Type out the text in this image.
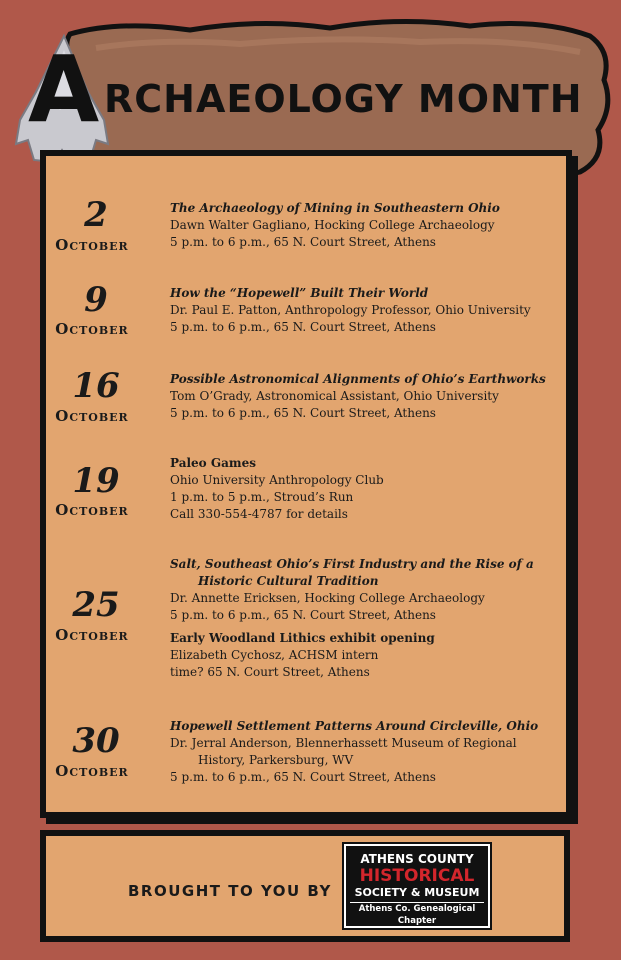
A RCHAEOLOGY MONTH
2
October
The Archaeology of Mining in Southeastern Ohio
Dawn Walter Gagliano, Hocking College Archaeology
5 p.m. to 6 p.m., 65 N. Court Street, Athens
9
October
How the “Hopewell” Built Their World
Dr. Paul E. Patton, Anthropology Professor, Ohio University
5 p.m. to 6 p.m., 65 N. Court Street, Athens
16
October
Possible Astronomical Alignments of Ohio’s Earthworks
Tom O’Grady, Astronomical Assistant, Ohio University
5 p.m. to 6 p.m., 65 N. Court Street, Athens
19
October
Paleo Games
Ohio University Anthropology Club
1 p.m. to 5 p.m., Stroud’s Run
Call 330-554-4787 for details
25
October
Salt, Southeast Ohio’s First Industry and the Rise of a
Historic Cultural Tradition
Dr. Annette Ericksen, Hocking College Archaeology
5 p.m. to 6 p.m., 65 N. Court Street, Athens
Early Woodland Lithics exhibit opening
Elizabeth Cychosz, ACHSM intern
time? 65 N. Court Street, Athens
30
October
Hopewell Settlement Patterns Around Circleville, Ohio
Dr. Jerral Anderson, Blennerhassett Museum of Regional
History, Parkersburg, WV
5 p.m. to 6 p.m., 65 N. Court Street, Athens
BROUGHT TO YOU BY
ATHENS COUNTY
HISTORICAL
SOCIETY & MUSEUM
Athens Co. Genealogical Chapter
